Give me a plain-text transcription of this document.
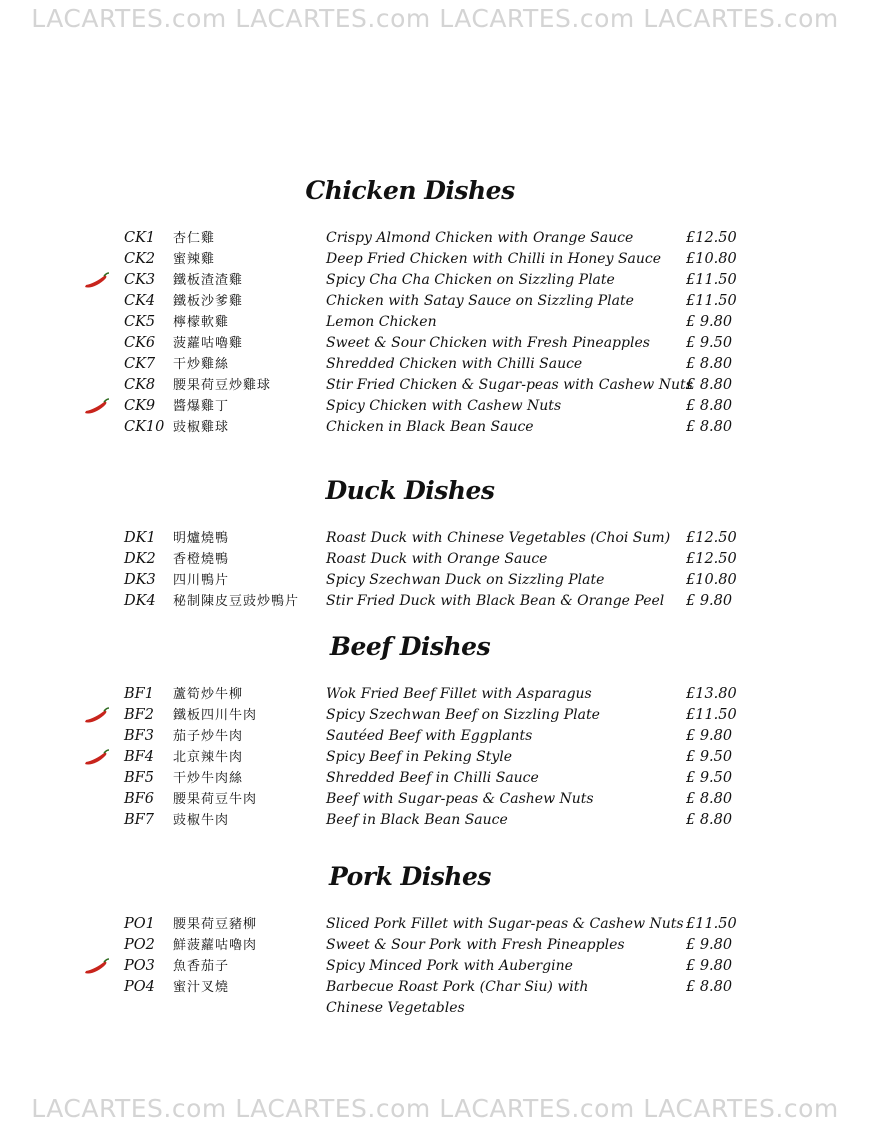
LACARTES.com LACARTES.com LACARTES.com LACARTES.com
Chicken Dishes
CK1 杏仁雞	Crispy Almond Chicken with Orange Sauce	£12.50
CK2 蜜辣雞	Deep Fried Chicken with Chilli in Honey Sauce £10.80
CK3 鐵板渣渣雞	Spicy Cha Cha Chicken on Sizzling Plate	£11.50
CK4 鐵板沙爹雞	Chicken with Satay Sauce on Sizzling Plate	£11.50
CK5 檸檬軟雞	Lemon Chicken	£ 9.80
CK6 菠蘿咕嚕雞	Sweet & Sour Chicken with Fresh Pineapples £ 9.50
CK7 干炒雞絲	Shredded Chicken with Chilli Sauce	£ 8.80
CK8 腰果荷豆炒雞球	Stir Fried Chicken & Sugar-peas with Cashew Nuts
£ 8.80
CK9 醬爆雞丁	Spicy Chicken with Cashew Nuts	£ 8.80
CK10 豉椒雞球	Chicken in Black Bean Sauce	£ 8.80
Duck Dishes
DK1 明爐燒鴨	Roast Duck with Chinese Vegetables (Choi Sum) £12.50
DK2 香橙燒鴨	Roast Duck with Orange Sauce	£12.50
DK3 四川鴨片	Spicy Szechwan Duck on Sizzling Plate	£10.80
DK4 秘制陳皮豆豉炒鴨片 Stir Fried Duck with Black Bean & Orange Peel £ 9.80
Beef Dishes
BF1 蘆筍炒牛柳	Wok Fried Beef Fillet with Asparagus	£13.80
BF2 鐵板四川牛肉	Spicy Szechwan Beef on Sizzling Plate	£11.50
BF3 茄子炒牛肉	Sautéed Beef with Eggplants	£ 9.80
BF4 北京辣牛肉	Spicy Beef in Peking Style	£ 9.50
BF5 干炒牛肉絲	Shredded Beef in Chilli Sauce	£ 9.50
BF6 腰果荷豆牛肉	Beef with Sugar-peas & Cashew Nuts	£ 8.80
BF7 豉椒牛肉	Beef in Black Bean Sauce	£ 8.80
Pork Dishes
PO1 腰果荷豆豬柳	Sliced Pork Fillet with Sugar-peas & Cashew Nuts £11.50
PO2 鮮菠蘿咕嚕肉	Sweet & Sour Pork with Fresh Pineapples	£ 9.80
PO3 魚香茄子	Spicy Minced Pork with Aubergine	£ 9.80
PO4 蜜汁叉燒	Barbecue Roast Pork (Char Siu) with Chinese Vegetables
£ 8.80
LACARTES.com LACARTES.com LACARTES.com LACARTES.com
